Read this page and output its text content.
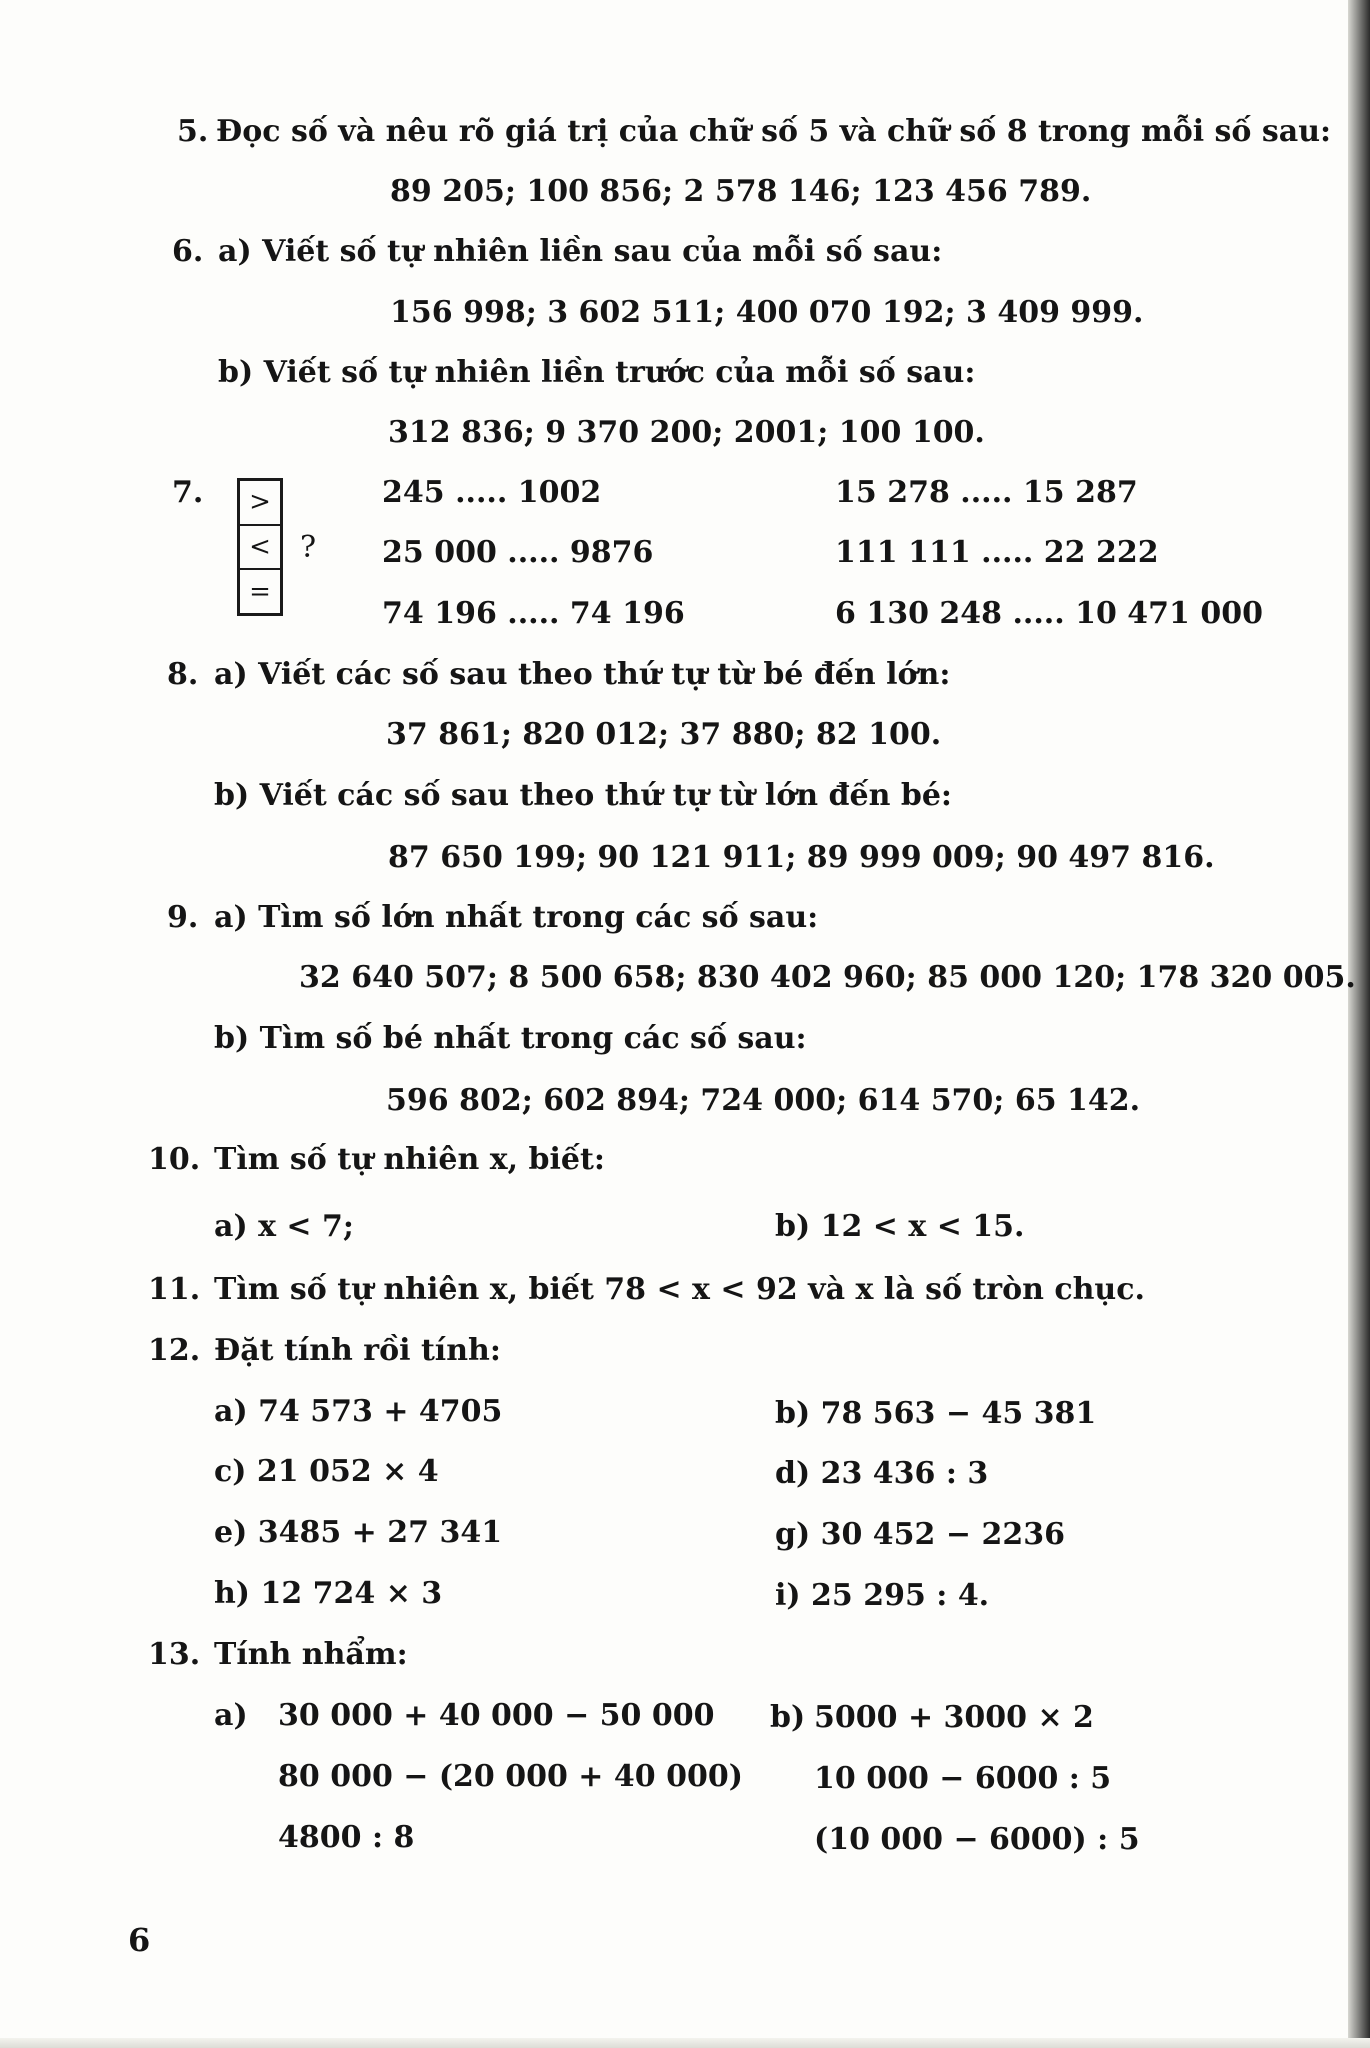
5. Đọc số và nêu rõ giá trị của chữ số 5 và chữ số 8 trong mỗi số sau:
89 205; 100 856; 2 578 146; 123 456 789.
6. a) Viết số tự nhiên liền sau của mỗi số sau:
156 998; 3 602 511; 400 070 192; 3 409 999.
b) Viết số tự nhiên liền trước của mỗi số sau:
312 836; 9 370 200; 2001; 100 100.
7.	>
<
=
?
245 ..... 1002	15 278 ..... 15 287
25 000 ..... 9876	111 111 ..... 22 222
74 196 ..... 74 196	6 130 248 ..... 10 471 000
8. a) Viết các số sau theo thứ tự từ bé đến lớn:
37 861; 820 012; 37 880; 82 100.
b) Viết các số sau theo thứ tự từ lớn đến bé:
87 650 199; 90 121 911; 89 999 009; 90 497 816.
9. a) Tìm số lớn nhất trong các số sau:
32 640 507; 8 500 658; 830 402 960; 85 000 120; 178 320 005.
b) Tìm số bé nhất trong các số sau:
596 802; 602 894; 724 000; 614 570; 65 142.
10. Tìm số tự nhiên x, biết:
a) x < 7;	b) 12 < x < 15.
11. Tìm số tự nhiên x, biết 78 < x < 92 và x là số tròn chục.
12. Đặt tính rồi tính:
a) 74 573 + 4705	b) 78 563 − 45 381
c) 21 052 × 4	d) 23 436 : 3
e) 3485 + 27 341	g) 30 452 − 2236
h) 12 724 × 3	i) 25 295 : 4.
13. Tính nhẩm:
a) 30 000 + 40 000 − 50 000
80 000 − (20 000 + 40 000)
4800 : 8
b) 5000 + 3000 × 2
10 000 − 6000 : 5
(10 000 − 6000) : 5
6
